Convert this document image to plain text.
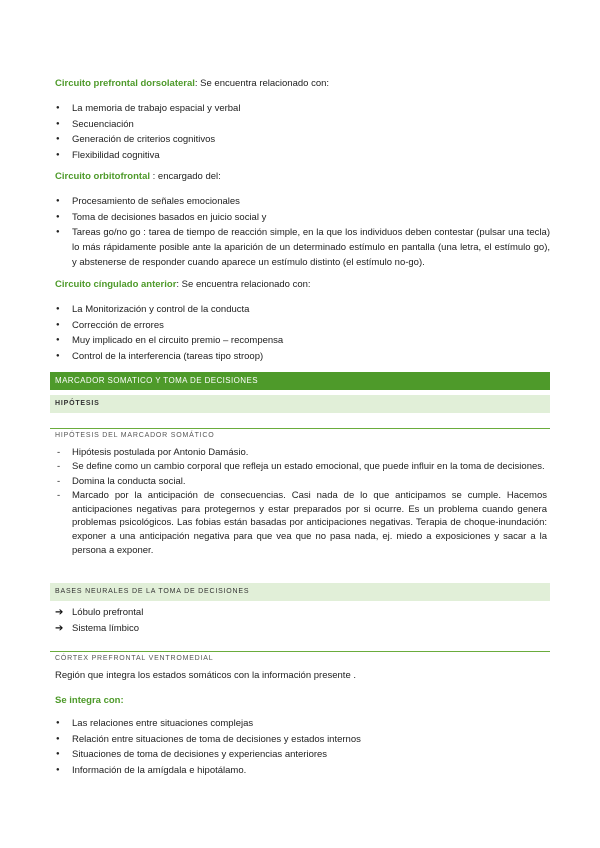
Circuito prefrontal dorsolateral: Se encuentra relacionado con:

● La memoria de trabajo espacial y verbal
● Secuenciación
● Generación de criterios cognitivos
● Flexibilidad cognitiva

Circuito orbitofrontal : encargado del:

● Procesamiento de señales emocionales
● Toma de decisiones basados en juicio social y
● Tareas go/no go : tarea de tiempo de reacción simple, en la que los individuos deben contestar (pulsar una tecla) lo más rápidamente posible ante la aparición de un determinado estímulo en pantalla (una letra, el estímulo go), y abstenerse de responder cuando aparece un estímulo distinto (el estímulo no-go).

Circuito cíngulado anterior: Se encuentra relacionado con:

● La Monitorización y control de la conducta
● Corrección de errores
● Muy implicado en el circuito premio – recompensa
● Control de la interferencia (tareas tipo stroop)
MARCADOR SOMATICO Y TOMA DE DECISIONES
HIPÓTESIS
HIPÓTESIS DEL MARCADOR SOMÁTICO
- Hipótesis postulada por Antonio Damásio.
- Se define como un cambio corporal que refleja un estado emocional, que puede influir en la toma de decisiones.
- Domina la conducta social.
- Marcado por la anticipación de consecuencias. Casi nada de lo que anticipamos se cumple. Hacemos anticipaciones negativas para protegernos y estar preparados por si ocurre. Es un problema cuando genera problemas psicológicos. Las fobias están basadas por anticipaciones negativas. Terapia de choque-inundación: exponer a una anticipación negativa para que vea que no pasa nada, ej. miedo a exposiciones y sacar a la persona a exponer.
BASES NEURALES DE LA TOMA DE DECISIONES
➔ Lóbulo prefrontal
➔ Sistema límbico
CÓRTEX PREFRONTAL VENTROMEDIAL

Región que integra los estados somáticos con la información presente .

Se integra con:

● Las relaciones entre situaciones complejas
● Relación entre situaciones de toma de decisiones y estados internos
● Situaciones de toma de decisiones y experiencias anteriores
● Información de la amígdala e hipotálamo.
